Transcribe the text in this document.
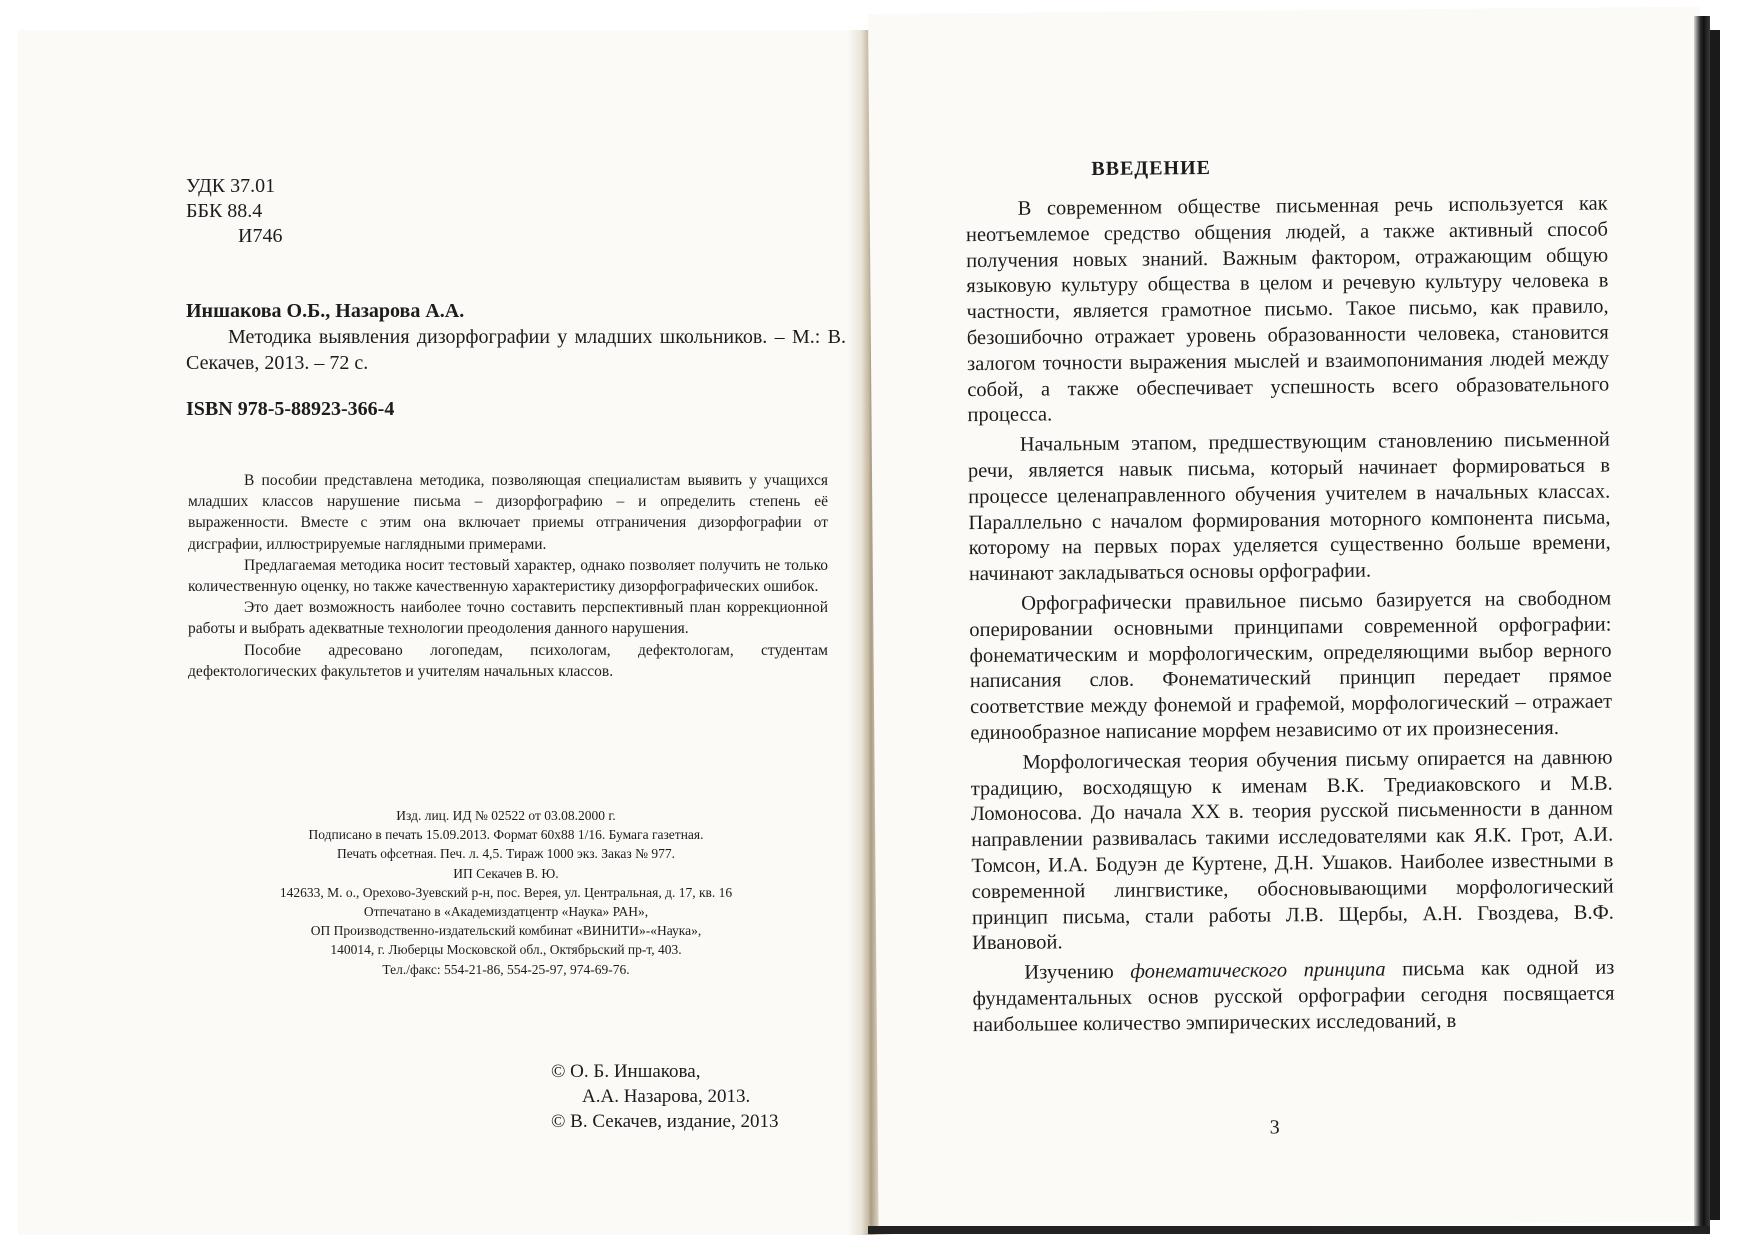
УДК 37.01
ББК 88.4
И746
Иншакова О.Б., Назарова А.А.
Методика выявления дизорфографии у младших школьников. – М.: В. Секачев, 2013. – 72 с.
ISBN 978-5-88923-366-4

В пособии представлена методика, позволяющая специалистам выявить у учащихся младших классов нарушение письма – дизорфографию – и определить степень её выраженности. Вместе с этим она включает приемы отграничения дизорфографии от дисграфии, иллюстрируемые наглядными примерами.

Предлагаемая методика носит тестовый характер, однако позволяет получить не только количественную оценку, но также качественную характеристику дизорфографических ошибок.

Это дает возможность наиболее точно составить перспективный план коррекционной работы и выбрать адекватные технологии преодоления данного нарушения.

Пособие адресовано логопедам, психологам, дефектологам, студентам дефектологических факультетов и учителям начальных классов.

Изд. лиц. ИД № 02522 от 03.08.2000 г.
Подписано в печать 15.09.2013. Формат 60x88 1/16. Бумага газетная.
Печать офсетная. Печ. л. 4,5. Тираж 1000 экз. Заказ № 977.
ИП Секачев В. Ю.
142633, М. о., Орехово-Зуевский р-н, пос. Верея, ул. Центральная, д. 17, кв. 16
Отпечатано в «Академиздатцентр «Наука» РАН»,
ОП Производственно-издательский комбинат «ВИНИТИ»-«Наука»,
140014, г. Люберцы Московской обл., Октябрьский пр-т, 403.
Тел./факс: 554-21-86, 554-25-97, 974-69-76.
© О. Б. Иншакова,
А.А. Назарова, 2013.
© В. Секачев, издание, 2013
ВВЕДЕНИЕ

В современном обществе письменная речь используется как неотъемлемое средство общения людей, а также активный способ получения новых знаний. Важным фактором, отражающим общую языковую культуру общества в целом и речевую культуру человека в частности, является грамотное письмо. Такое письмо, как правило, безошибочно отражает уровень образованности человека, становится залогом точности выражения мыслей и взаимопонимания людей между собой, а также обеспечивает успешность всего образовательного процесса.

Начальным этапом, предшествующим становлению письменной речи, является навык письма, который начинает формироваться в процессе целенаправленного обучения учителем в начальных классах. Параллельно с началом формирования моторного компонента письма, которому на первых порах уделяется существенно больше времени, начинают закладываться основы орфографии.

Орфографически правильное письмо базируется на свободном оперировании основными принципами современной орфографии: фонематическим и морфологическим, определяющими выбор верного написания слов. Фонематический принцип передает прямое соответствие между фонемой и графемой, морфологический – отражает единообразное написание морфем независимо от их произнесения.

Морфологическая теория обучения письму опирается на давнюю традицию, восходящую к именам В.К. Тредиаковского и М.В. Ломоносова. До начала XX в. теория русской письменности в данном направлении развивалась такими исследователями как Я.К. Грот, А.И. Томсон, И.А. Бодуэн де Куртене, Д.Н. Ушаков. Наиболее известными в современной лингвистике, обосновывающими морфологический принцип письма, стали работы Л.В. Щербы, А.Н. Гвоздева, В.Ф. Ивановой.

Изучению фонематического принципа письма как одной из фундаментальных основ русской орфографии сегодня посвящается наибольшее количество эмпирических исследований, в

3
